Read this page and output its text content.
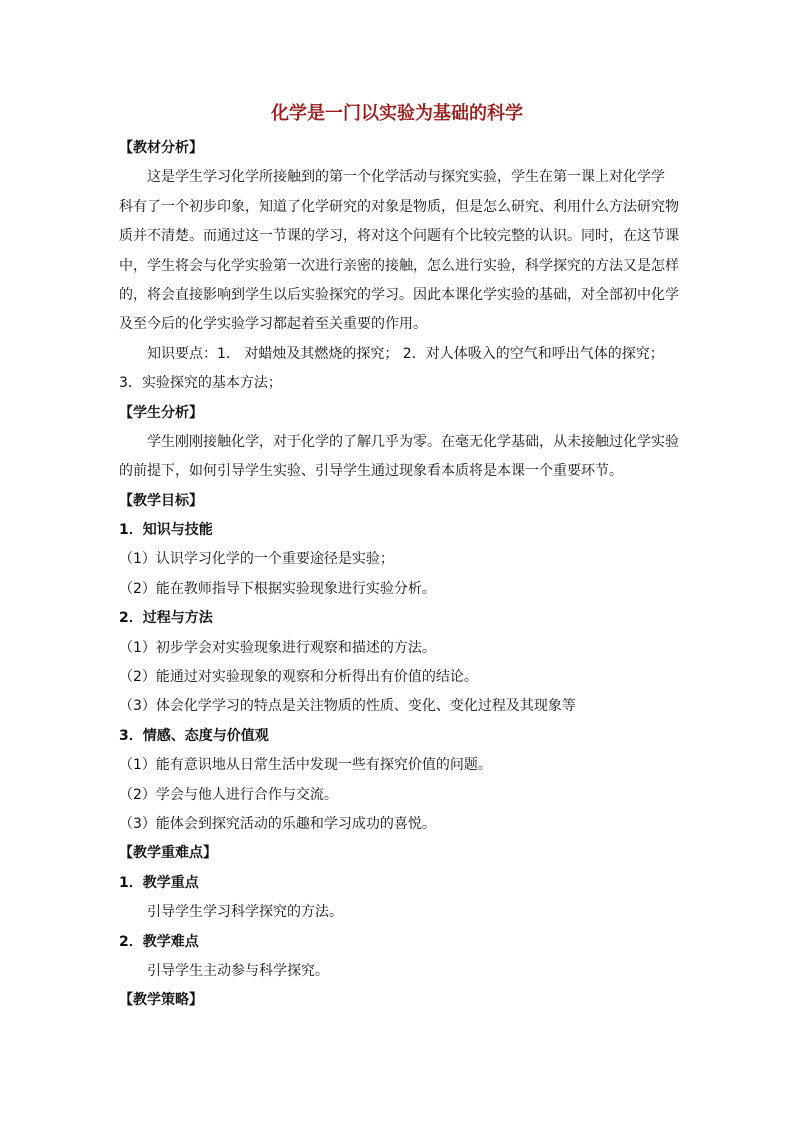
化学是一门以实验为基础的科学
【教材分析】
这是学生学习化学所接触到的第一个化学活动与探究实验，学生在第一课上对化学学
科有了一个初步印象，知道了化学研究的对象是物质，但是怎么研究、利用什么方法研究物
质并不清楚。而通过这一节课的学习，将对这个问题有个比较完整的认识。同时，在这节课
中，学生将会与化学实验第一次进行亲密的接触，怎么进行实验，科学探究的方法又是怎样
的，将会直接影响到学生以后实验探究的学习。因此本课化学实验的基础，对全部初中化学
及至今后的化学实验学习都起着至关重要的作用。
知识要点：1． 对蜡烛及其燃烧的探究； 2．对人体吸入的空气和呼出气体的探究；
3．实验探究的基本方法；
【学生分析】
学生刚刚接触化学，对于化学的了解几乎为零。在毫无化学基础，从未接触过化学实验
的前提下，如何引导学生实验、引导学生通过现象看本质将是本课一个重要环节。
【教学目标】
1．知识与技能
（1）认识学习化学的一个重要途径是实验；
（2）能在教师指导下根据实验现象进行实验分析。
2．过程与方法
（1）初步学会对实验现象进行观察和描述的方法。
（2）能通过对实验现象的观察和分析得出有价值的结论。
（3）体会化学学习的特点是关注物质的性质、变化、变化过程及其现象等
3．情感、态度与价值观
（1）能有意识地从日常生活中发现一些有探究价值的问题。
（2）学会与他人进行合作与交流。
（3）能体会到探究活动的乐趣和学习成功的喜悦。
【教学重难点】
1．教学重点
引导学生学习科学探究的方法。
2．教学难点
引导学生主动参与科学探究。
【教学策略】
